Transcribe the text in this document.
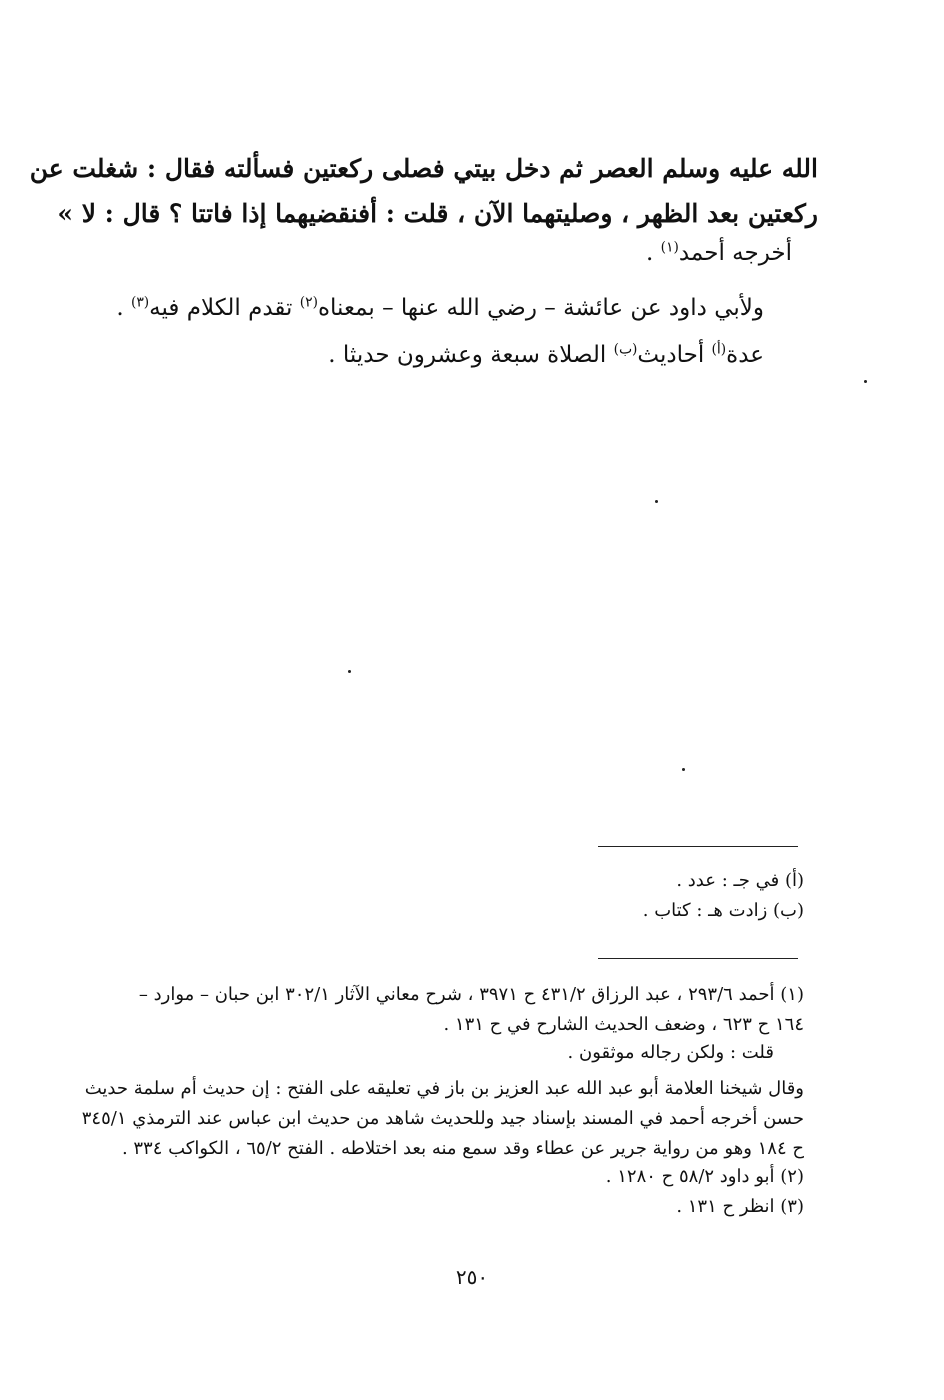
الله عليه وسلم العصر ثم دخل بيتي فصلى ركعتين فسألته فقال : شغلت عن
ركعتين بعد الظهر ، وصليتهما الآن ، قلت : أفنقضيهما إذا فاتتا ؟ قال : لا »
أخرجه أحمد$^{(١)}$ .
ولأبي داود عن عائشة – رضي الله عنها – بمعناه$^{(٢)}$ تقدم الكلام فيه$^{(٣)}$ .
عدة$^{(أ)}$ أحاديث$^{(ب)}$ الصلاة سبعة وعشرون حديثا .
(أ) في جـ : عدد .
(ب) زادت هـ : كتاب .
(١) أحمد ٢٩٣/٦ ، عبد الرزاق ٤٣١/٢ ح ٣٩٧١ ، شرح معاني الآثار ٣٠٢/١ ابن حبان – موارد –
١٦٤ ح ٦٢٣ ، وضعف الحديث الشارح في ح ١٣١ .
قلت : ولكن رجاله موثقون .
وقال شيخنا العلامة أبو عبد الله عبد العزيز بن باز في تعليقه على الفتح : إن حديث أم سلمة حديث
حسن أخرجه أحمد في المسند بإسناد جيد وللحديث شاهد من حديث ابن عباس عند الترمذي ٣٤٥/١
ح ١٨٤ وهو من رواية جرير عن عطاء وقد سمع منه بعد اختلاطه . الفتح ٦٥/٢ ، الكواكب ٣٣٤ .
(٢) أبو داود ٥٨/٢ ح ١٢٨٠ .
(٣) انظر ح ١٣١ .
٢٥٠
